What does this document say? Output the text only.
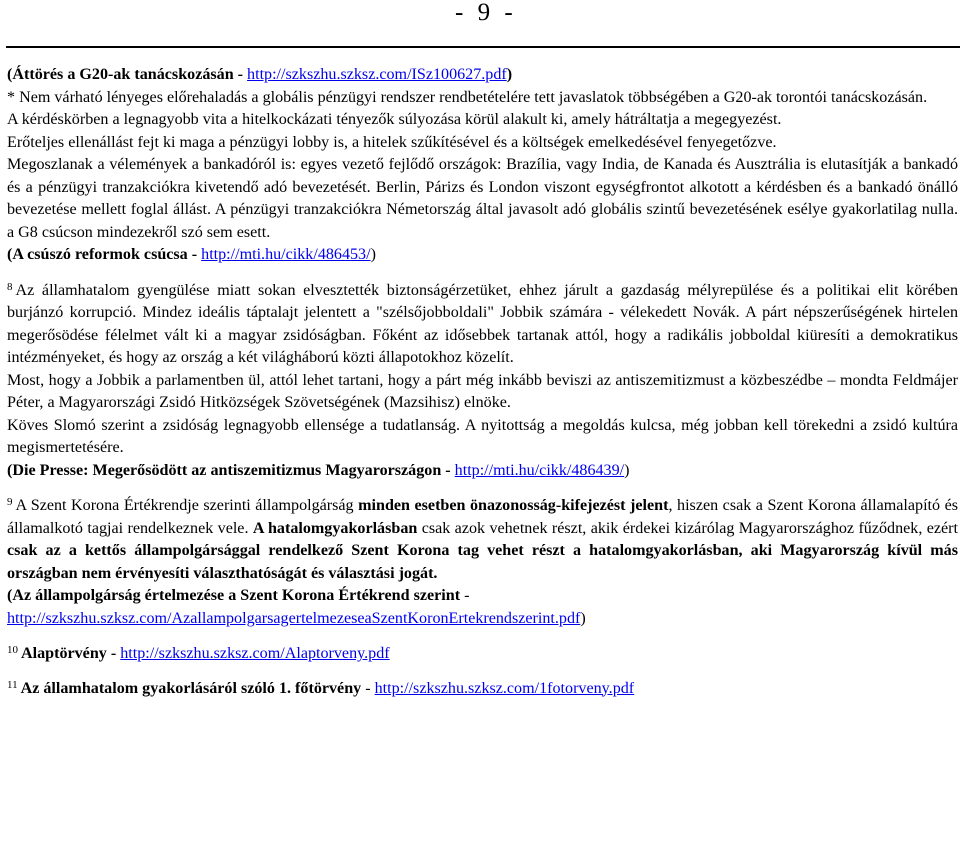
- 9 -

(Áttörés a G20-ak tanácskozásán - http://szkszhu.szksz.com/ISz100627.pdf)

* Nem várható lényeges előrehaladás a globális pénzügyi rendszer rendbetételére tett javaslatok többségében a G20-ak torontói tanácskozásán.

A kérdéskörben a legnagyobb vita a hitelkockázati tényezők súlyozása körül alakult ki, amely hátráltatja a megegyezést.

Erőteljes ellenállást fejt ki maga a pénzügyi lobby is, a hitelek szűkítésével és a költségek emelkedésével fenyegetőzve.

Megoszlanak a vélemények a bankadóról is: egyes vezető fejlődő országok: Brazília, vagy India, de Kanada és Ausztrália is elutasítják a bankadó és a pénzügyi tranzakciókra kivetendő adó bevezetését. Berlin, Párizs és London viszont egységfrontot alkotott a kérdésben és a bankadó önálló bevezetése mellett foglal állást. A pénzügyi tranzakciókra Németország által javasolt adó globális szintű bevezetésének esélye gyakorlatilag nulla. a G8 csúcson mindezekről szó sem esett.

(A csúszó reformok csúcsa - http://mti.hu/cikk/486453/)

$^8$ Az államhatalom gyengülése miatt sokan elvesztették biztonságérzetüket, ehhez járult a gazdaság mélyrepülése és a politikai elit körében burjánzó korrupció. Mindez ideális táptalajt jelentett a "szélsőjobboldali" Jobbik számára - vélekedett Novák. A párt népszerűségének hirtelen megerősödése félelmet vált ki a magyar zsidóságban. Főként az idősebbek tartanak attól, hogy a radikális jobboldal kiüresíti a demokratikus intézményeket, és hogy az ország a két világháború közti állapotokhoz közelít.

Most, hogy a Jobbik a parlamentben ül, attól lehet tartani, hogy a párt még inkább beviszi az antiszemitizmust a közbeszédbe – mondta Feldmájer Péter, a Magyarországi Zsidó Hitközségek Szövetségének (Mazsihisz) elnöke.

Köves Slomó szerint a zsidóság legnagyobb ellensége a tudatlanság. A nyitottság a megoldás kulcsa, még jobban kell törekedni a zsidó kultúra megismertetésére.

(Die Presse: Megerősödött az antiszemitizmus Magyarországon - http://mti.hu/cikk/486439/)

$^9$ A Szent Korona Értékrendje szerinti állampolgárság minden esetben önazonosság-kifejezést jelent, hiszen csak a Szent Korona államalapító és államalkotó tagjai rendelkeznek vele. A hatalomgyakorlásban csak azok vehetnek részt, akik érdekei kizárólag Magyarországhoz fűződnek, ezért csak az a kettős állampolgársággal rendelkező Szent Korona tag vehet részt a hatalomgyakorlásban, aki Magyarország kívül más országban nem érvényesíti választhatóságát és választási jogát.

(Az állampolgárság értelmezése a Szent Korona Értékrend szerint -

http://szkszhu.szksz.com/AzallampolgarsagertelmezeseaSzentKoronErtekrendszerint.pdf)

$^{10}$ Alaptörvény - http://szkszhu.szksz.com/Alaptorveny.pdf

$^{11}$ Az államhatalom gyakorlásáról szóló 1. főtörvény - http://szkszhu.szksz.com/1fotorveny.pdf
